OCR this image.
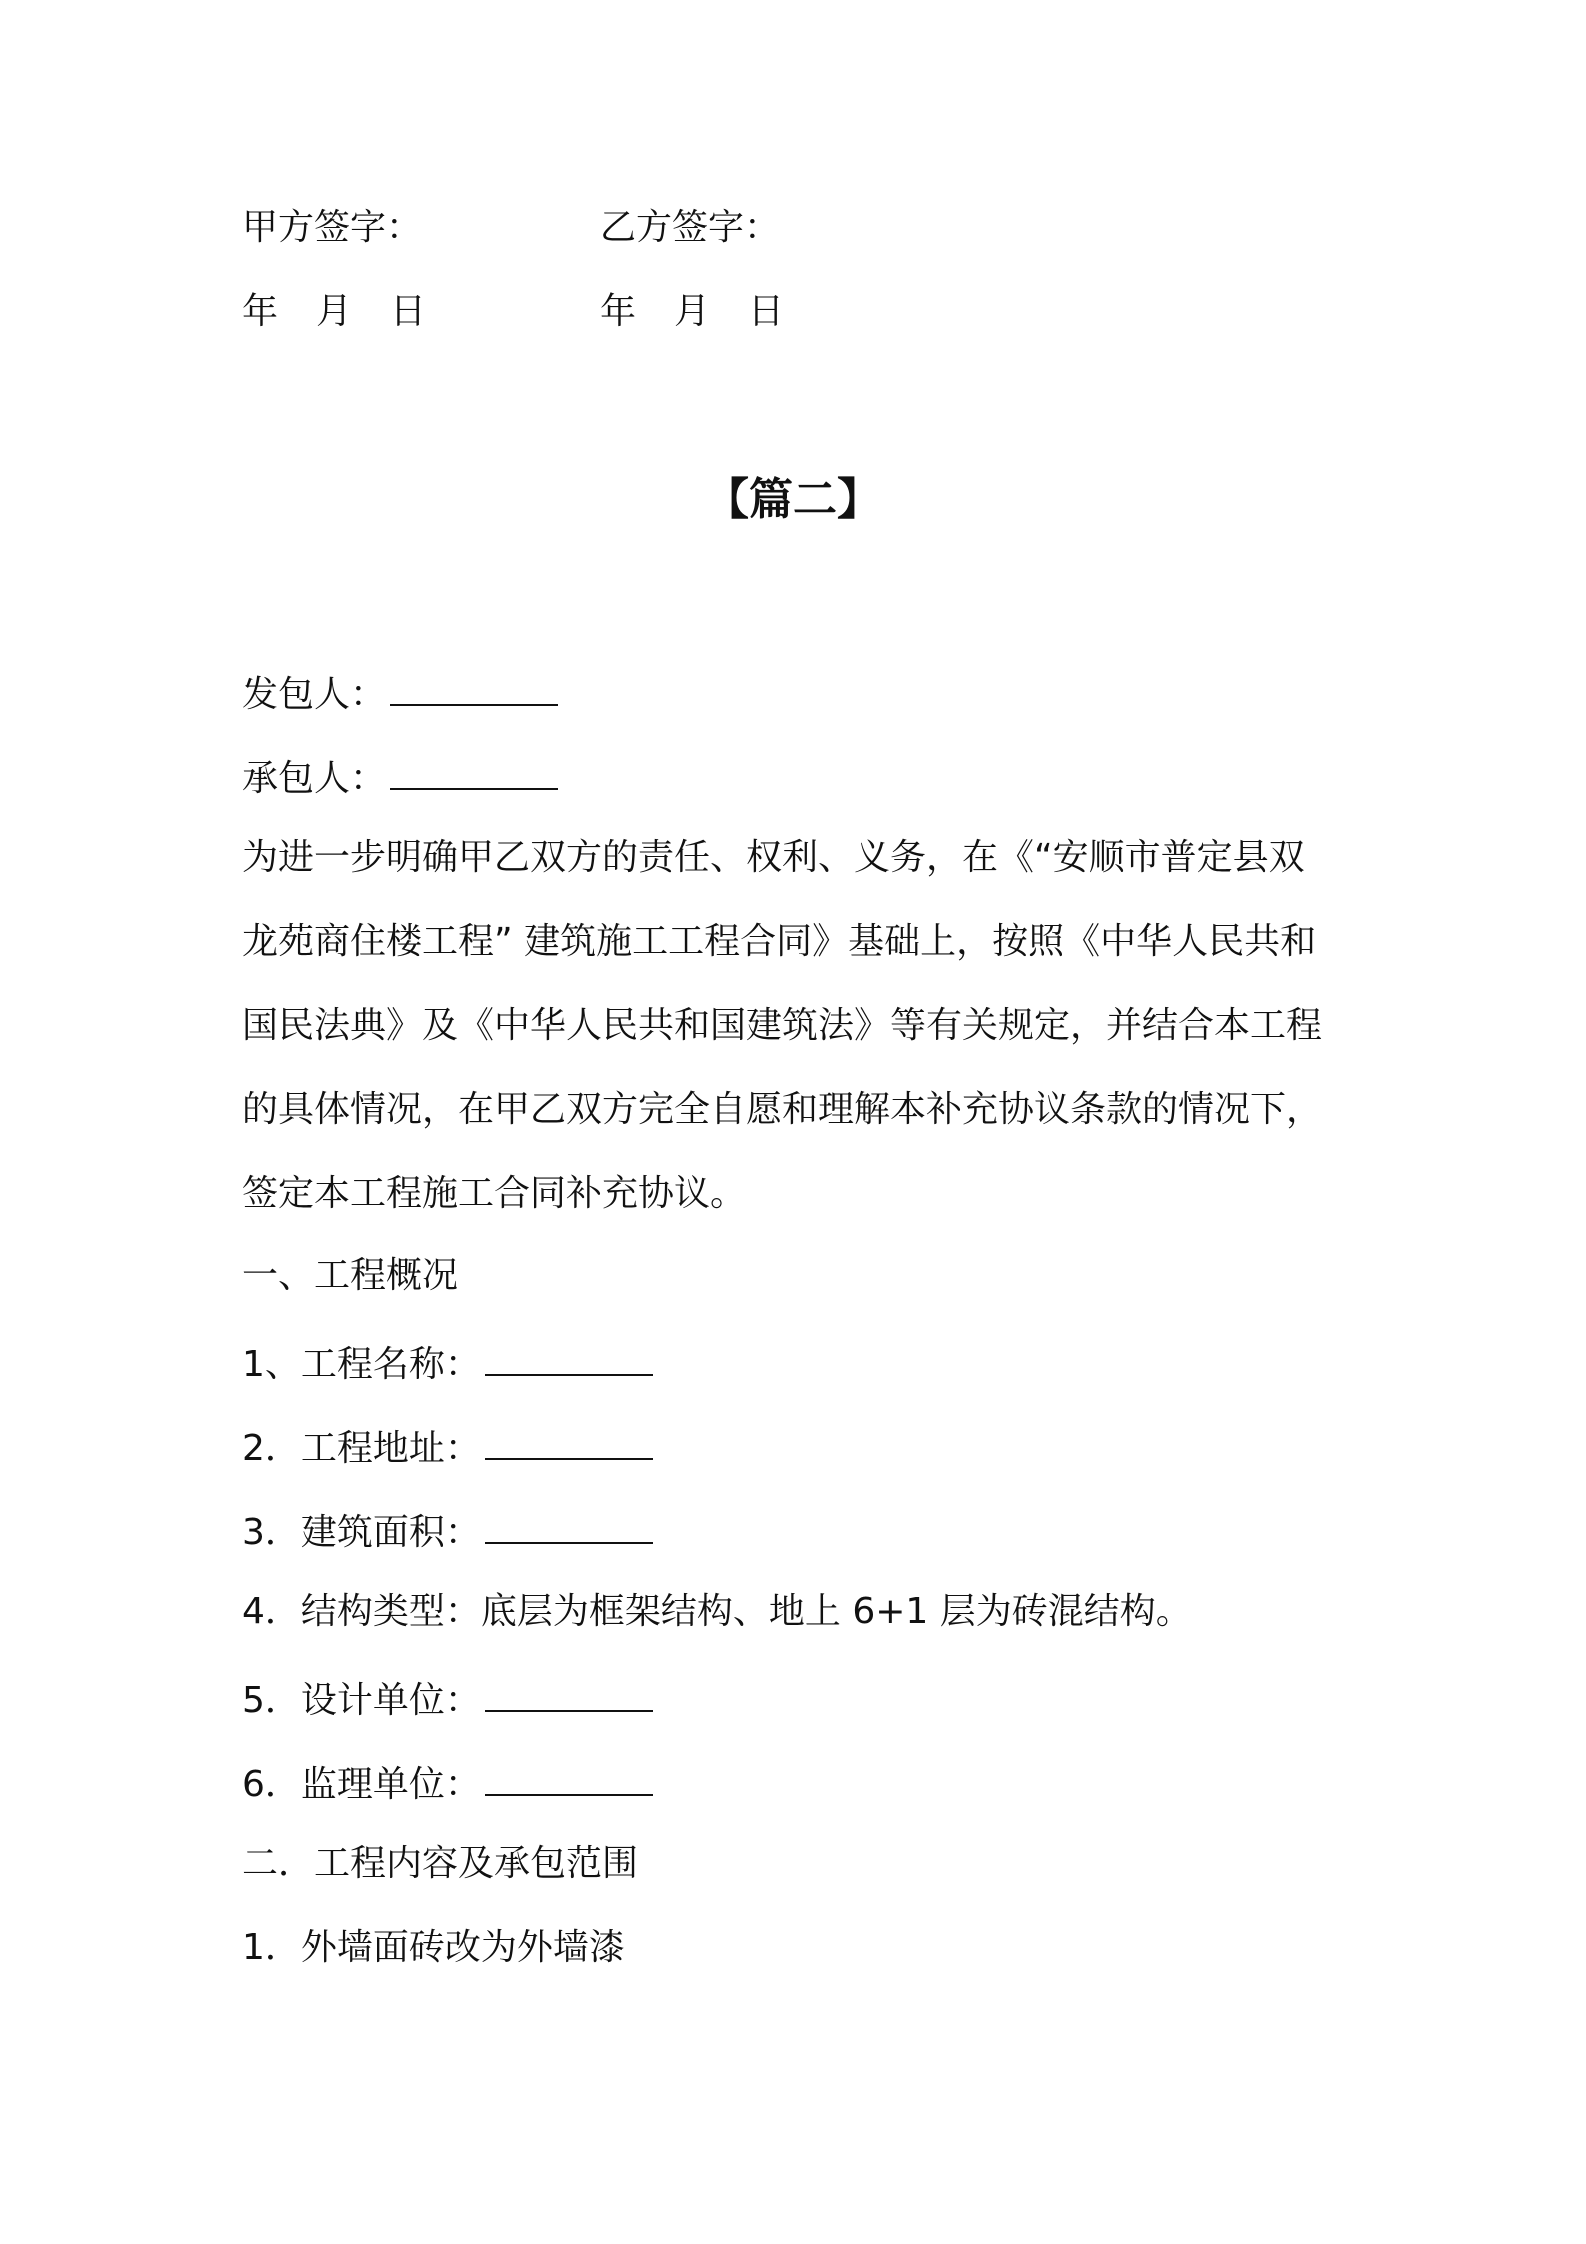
甲方签字：	乙方签字：
年 月 日	年 月 日
【篇二】
发包人：
承包人：
为进一步明确甲乙双方的责任、权利、义务，在《“安顺市普定县双
龙苑商住楼工程” 建筑施工工程合同》基础上，按照《中华人民共和
国民法典》及《中华人民共和国建筑法》等有关规定，并结合本工程
的具体情况，在甲乙双方完全自愿和理解本补充协议条款的情况下，
签定本工程施工合同补充协议。
一、工程概况
1、工程名称：
2．工程地址：
3．建筑面积：
4．结构类型：底层为框架结构、地上 6+1 层为砖混结构。
5．设计单位：
6．监理单位：
二．工程内容及承包范围
1．外墙面砖改为外墙漆
